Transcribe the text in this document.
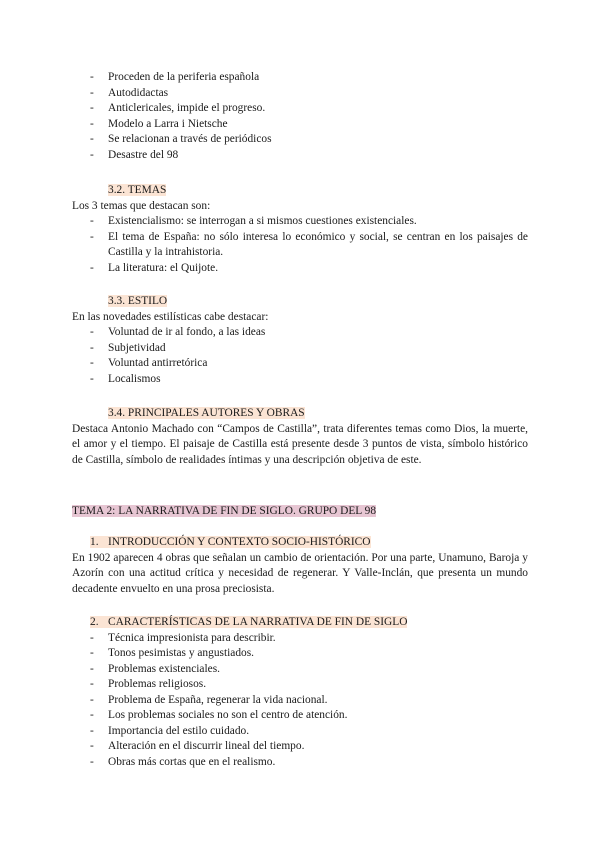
- Proceden de la periferia española
- Autodidactas
- Anticlericales, impide el progreso.
- Modelo a Larra i Nietsche
- Se relacionan a través de periódicos
- Desastre del 98
3.2. TEMAS
Los 3 temas que destacan son:
- Existencialismo: se interrogan a si mismos cuestiones existenciales.
- El tema de España: no sólo interesa lo económico y social, se centran en los paisajes de Castilla y la intrahistoria.
- La literatura: el Quijote.
3.3. ESTILO
En las novedades estilísticas cabe destacar:
- Voluntad de ir al fondo, a las ideas
- Subjetividad
- Voluntad antirretórica
- Localismos
3.4. PRINCIPALES AUTORES Y OBRAS
Destaca Antonio Machado con “Campos de Castilla”, trata diferentes temas como Dios, la muerte, el amor y el tiempo. El paisaje de Castilla está presente desde 3 puntos de vista, símbolo histórico de Castilla, símbolo de realidades íntimas y una descripción objetiva de este.
TEMA 2: LA NARRATIVA DE FIN DE SIGLO. GRUPO DEL 98
1. INTRODUCCIÓN Y CONTEXTO SOCIO-HISTÓRICO
En 1902 aparecen 4 obras que señalan un cambio de orientación. Por una parte, Unamuno, Baroja y Azorín con una actitud crítica y necesidad de regenerar. Y Valle-Inclán, que presenta un mundo decadente envuelto en una prosa preciosista.
2. CARACTERÍSTICAS DE LA NARRATIVA DE FIN DE SIGLO
- Técnica impresionista para describir.
- Tonos pesimistas y angustiados.
- Problemas existenciales.
- Problemas religiosos.
- Problema de España, regenerar la vida nacional.
- Los problemas sociales no son el centro de atención.
- Importancia del estilo cuidado.
- Alteración en el discurrir lineal del tiempo.
- Obras más cortas que en el realismo.
